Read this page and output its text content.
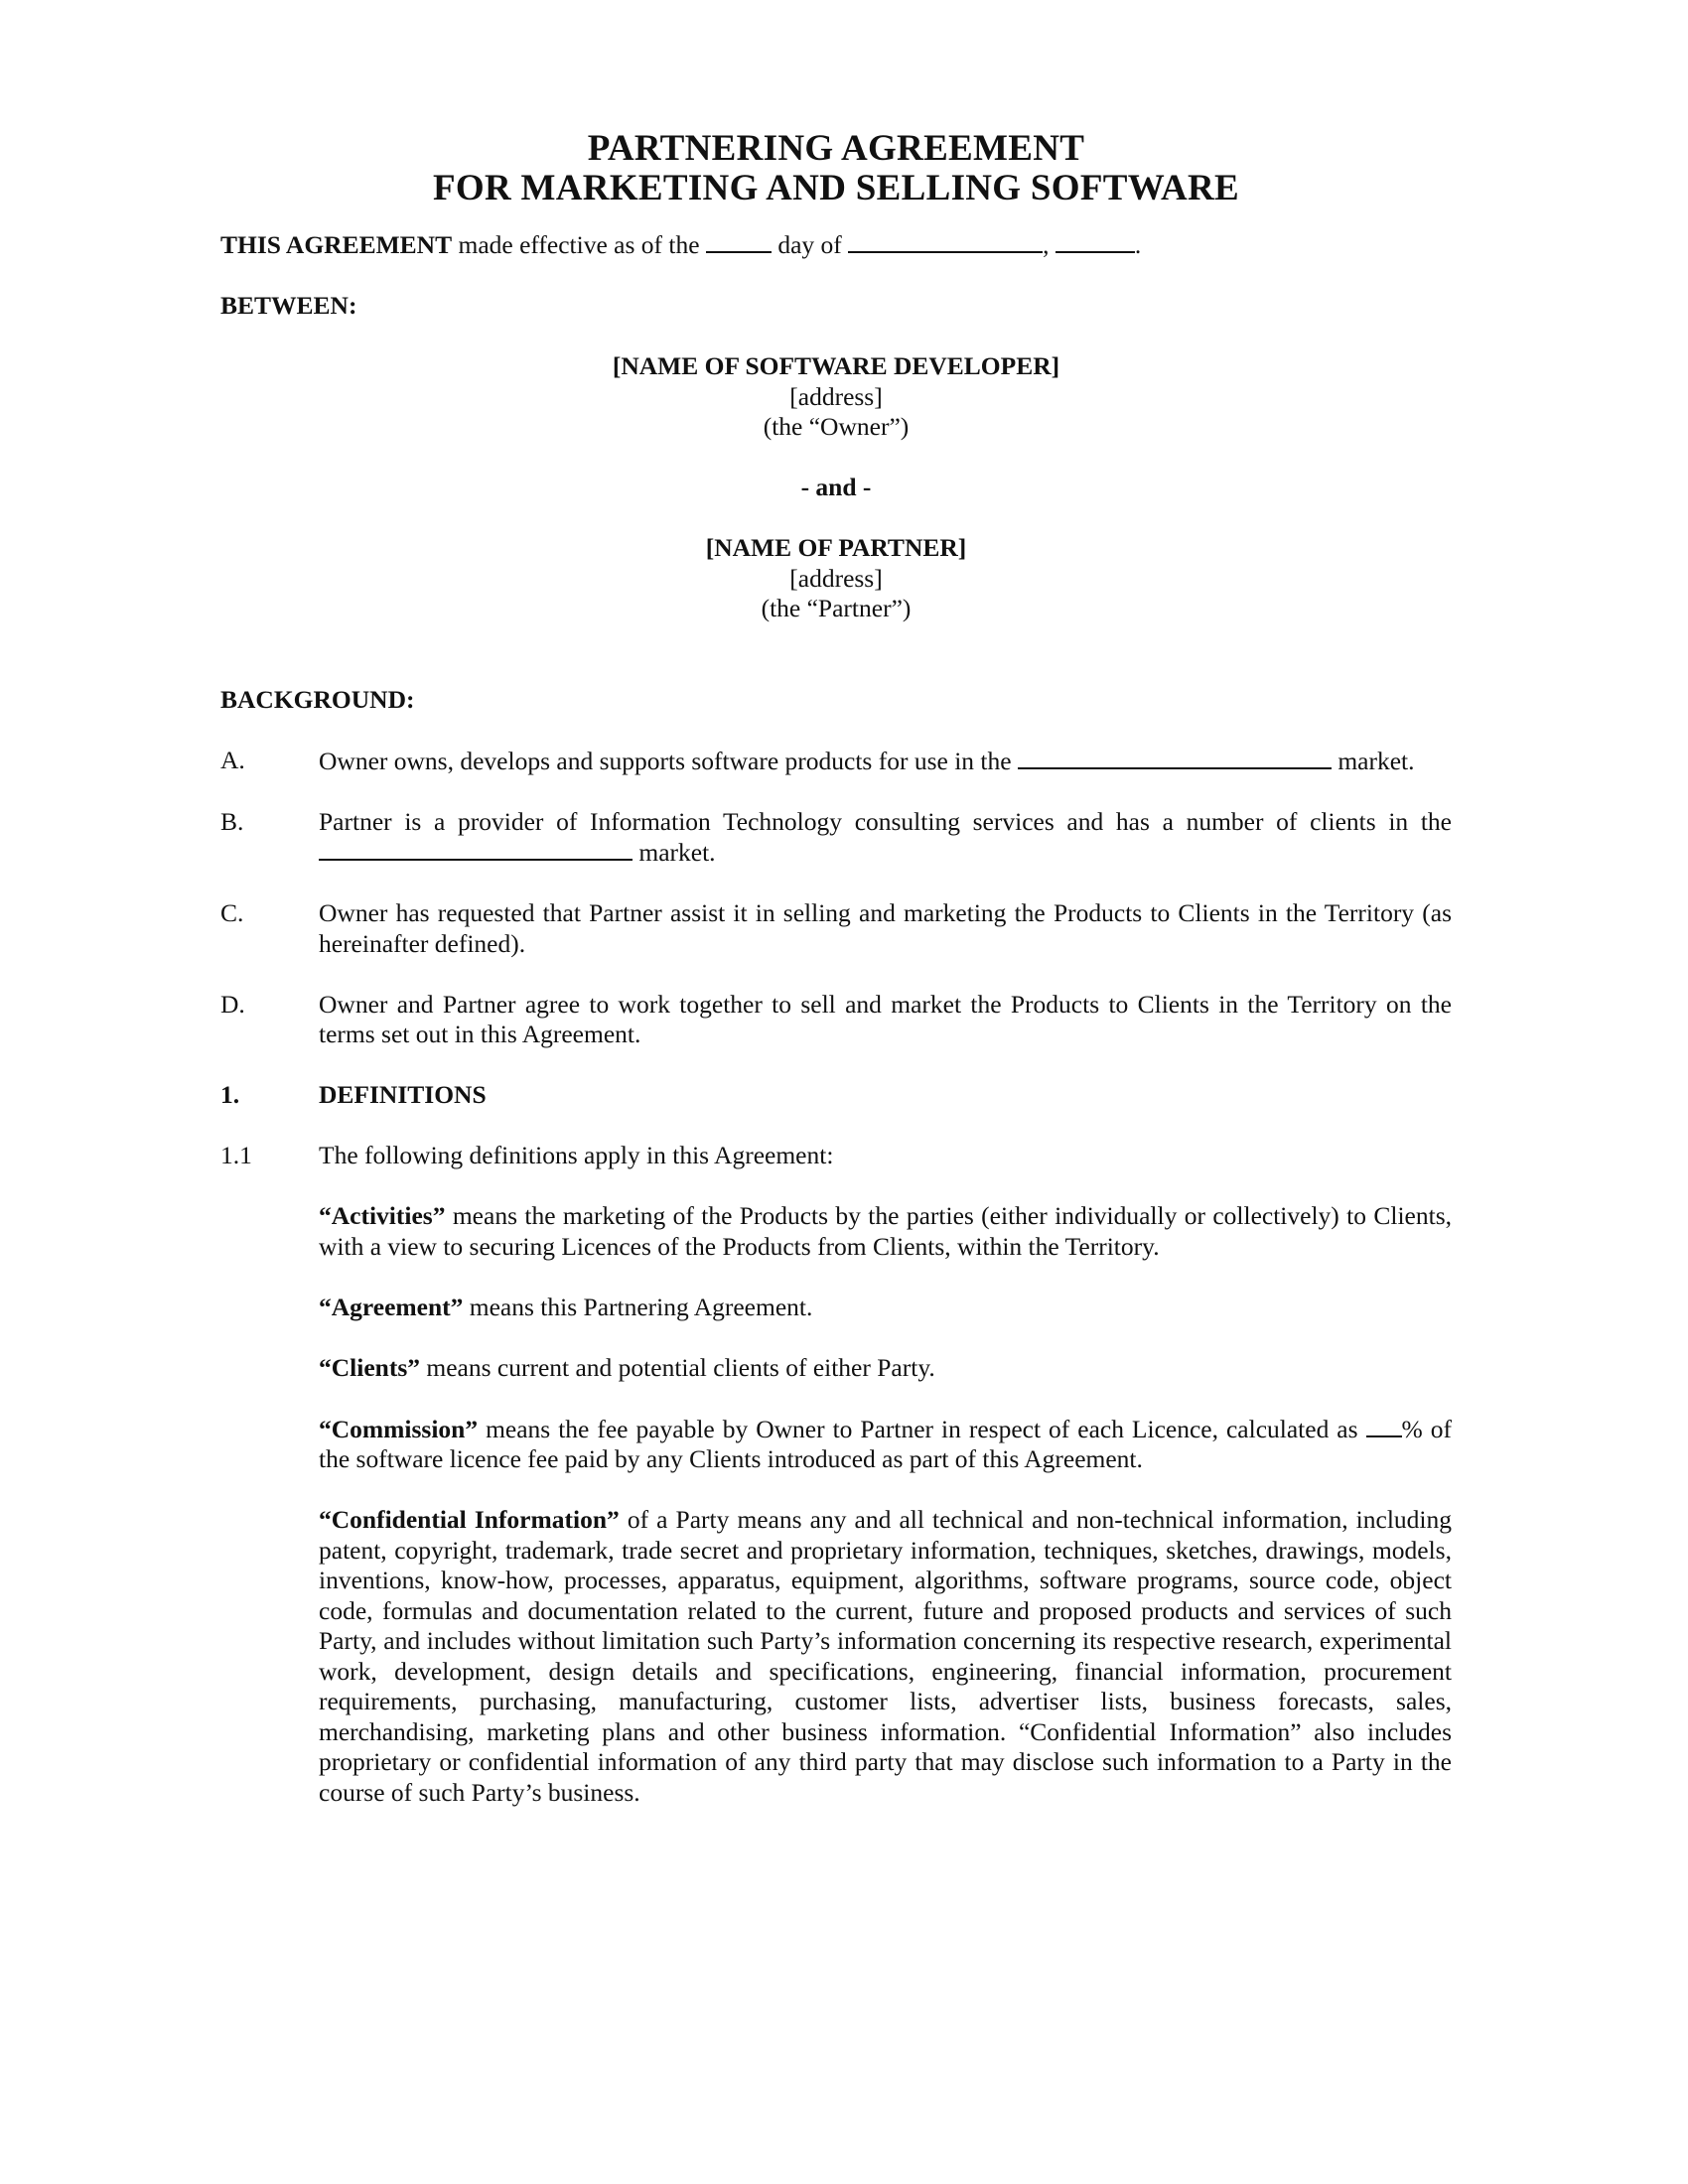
PARTNERING AGREEMENT
FOR MARKETING AND SELLING SOFTWARE

THIS AGREEMENT made effective as of the	day of	,	.

BETWEEN:

[NAME OF SOFTWARE DEVELOPER]
[address]
(the “Owner”)

- and -

[NAME OF PARTNER]
[address]
(the “Partner”)

BACKGROUND:

A.	Owner owns, develops and supports software products for use in the	market.
B.	Partner is a provider of Information Technology consulting services and has a number of clients in the  market.
C.	Owner has requested that Partner assist it in selling and marketing the Products to Clients in the Territory (as hereinafter defined).
D.	Owner and Partner agree to work together to sell and market the Products to Clients in the Territory on the terms set out in this Agreement.
1.	DEFINITIONS
1.1	The following definitions apply in this Agreement:

“Activities” means the marketing of the Products by the parties (either individually or collectively) to Clients, with a view to securing Licences of the Products from Clients, within the Territory.

“Agreement” means this Partnering Agreement.

“Clients” means current and potential clients of either Party.

“Commission” means the fee payable by Owner to Partner in respect of each Licence, calculated as % of the software licence fee paid by any Clients introduced as part of this Agreement.

“Confidential Information” of a Party means any and all technical and non-technical information, including patent, copyright, trademark, trade secret and proprietary information, techniques, sketches, drawings, models, inventions, know-how, processes, apparatus, equipment, algorithms, software programs, source code, object code, formulas and documentation related to the current, future and proposed products and services of such Party, and includes without limitation such Party’s information concerning its respective research, experimental work, development, design details and specifications, engineering, financial information, procurement requirements, purchasing, manufacturing, customer lists, advertiser lists, business forecasts, sales, merchandising, marketing plans and other business information. “Confidential Information” also includes proprietary or confidential information of any third party that may disclose such information to a Party in the course of such Party’s business.
